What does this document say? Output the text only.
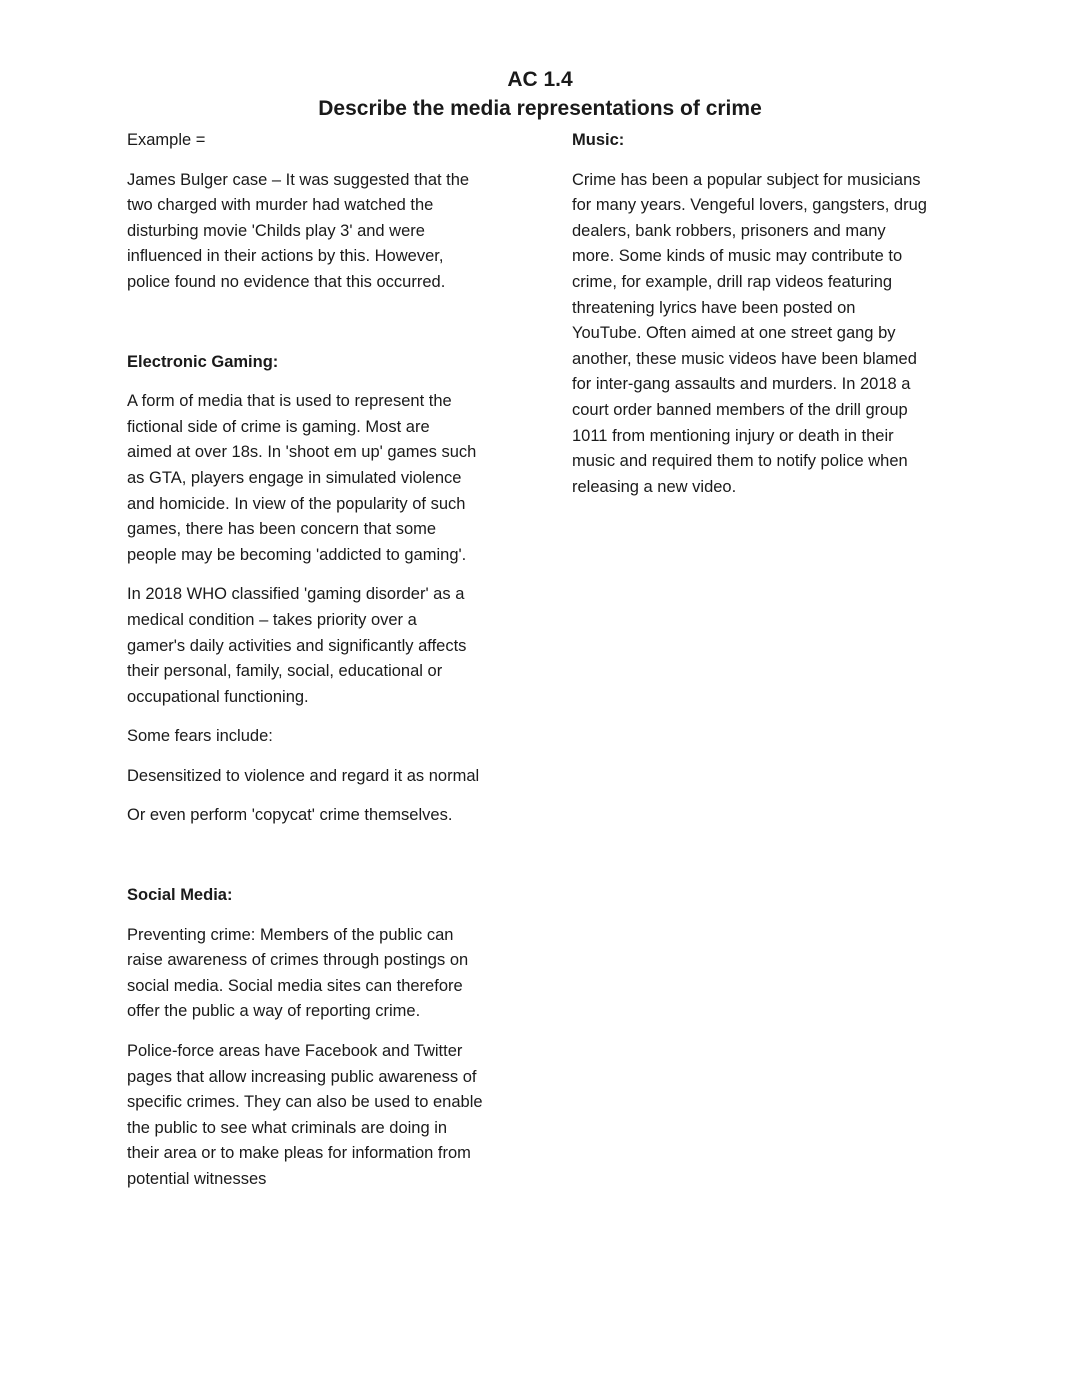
AC 1.4
Describe the media representations of crime

Example =

James Bulger case – It was suggested that the
two charged with murder had watched the
disturbing movie 'Childs play 3' and were
influenced in their actions by this. However,
police found no evidence that this occurred.

Electronic Gaming:

A form of media that is used to represent the
fictional side of crime is gaming. Most are
aimed at over 18s. In 'shoot em up' games such
as GTA, players engage in simulated violence
and homicide. In view of the popularity of such
games, there has been concern that some
people may be becoming 'addicted to gaming'.

In 2018 WHO classified 'gaming disorder' as a
medical condition – takes priority over a
gamer's daily activities and significantly affects
their personal, family, social, educational or
occupational functioning.

Some fears include:

Desensitized to violence and regard it as normal

Or even perform 'copycat' crime themselves.

Social Media:

Preventing crime: Members of the public can
raise awareness of crimes through postings on
social media. Social media sites can therefore
offer the public a way of reporting crime.

Police-force areas have Facebook and Twitter
pages that allow increasing public awareness of
specific crimes. They can also be used to enable
the public to see what criminals are doing in
their area or to make pleas for information from
potential witnesses

Music:

Crime has been a popular subject for musicians
for many years. Vengeful lovers, gangsters, drug
dealers, bank robbers, prisoners and many
more. Some kinds of music may contribute to
crime, for example, drill rap videos featuring
threatening lyrics have been posted on
YouTube. Often aimed at one street gang by
another, these music videos have been blamed
for inter-gang assaults and murders. In 2018 a
court order banned members of the drill group
1011 from mentioning injury or death in their
music and required them to notify police when
releasing a new video.
